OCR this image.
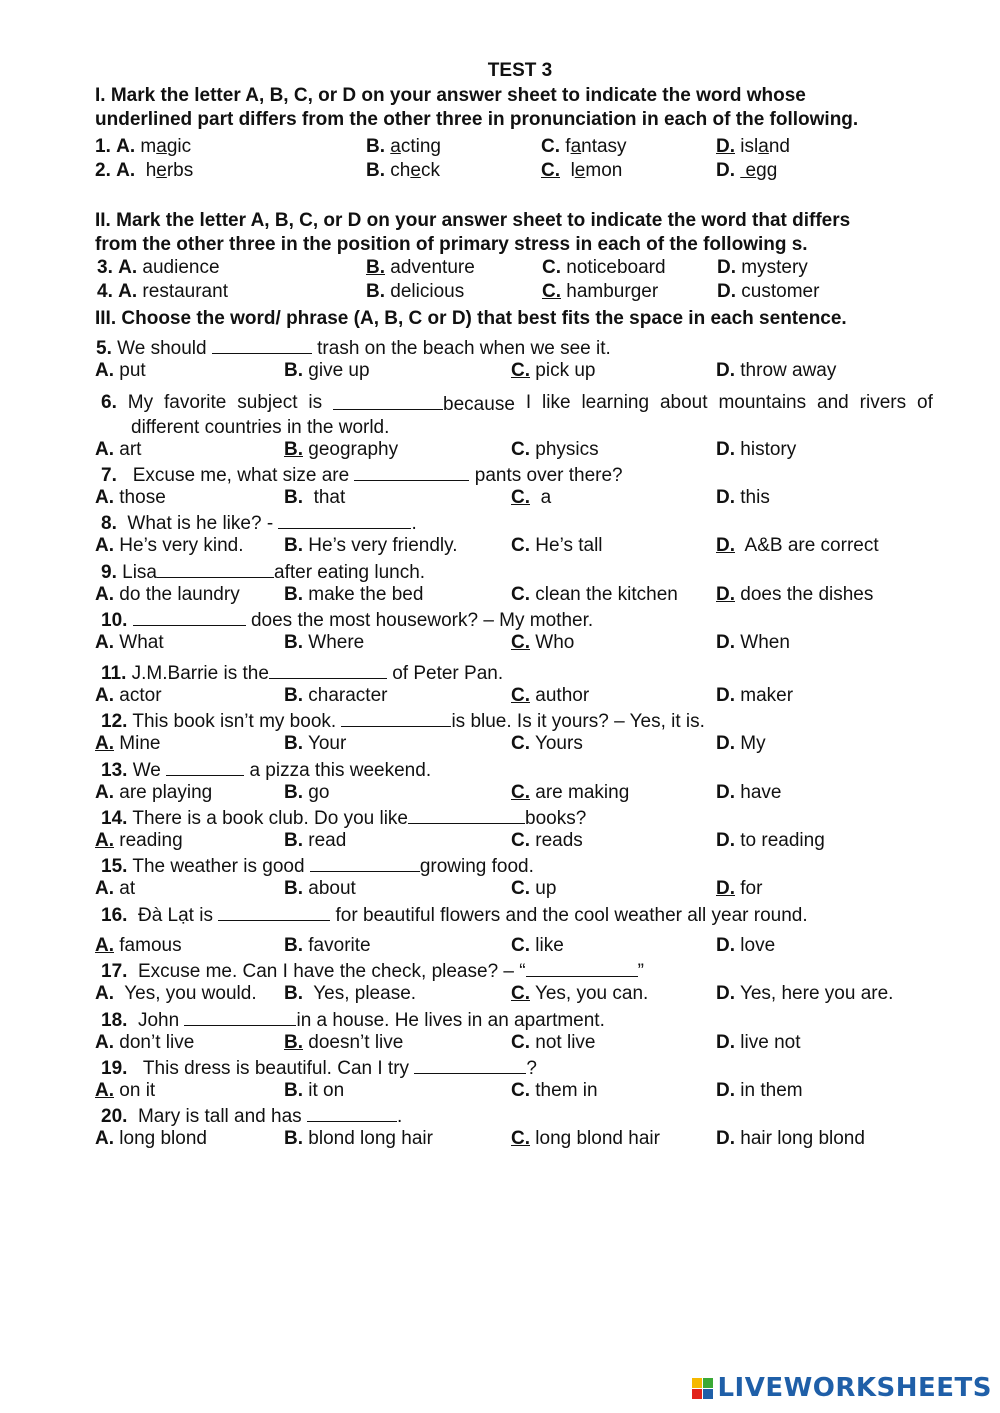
TEST 3
I. Mark the letter A, B, C, or D on your answer sheet to indicate the word whose
underlined part differs from the other three in pronunciation in each of the following.
1. A. magic	B. acting	C. fantasy	D. island
2. A. herbs	B. check	C. lemon	D.  egg
II. Mark the letter A, B, C, or D on your answer sheet to indicate the word that differs
from the other three in the position of primary stress in each of the following s.
3. A. audience	B. adventure	C. noticeboard	D. mystery
4. A. restaurant	B. delicious	C. hamburger	D. customer
III. Choose the word/ phrase (A, B, C or D) that best fits the space in each sentence.
5. We should	trash on the beach when we see it.
A. put	B. give up	C. pick up	D. throw away
6. My favorite subject is	because I like learning about mountains and rivers of
different countries in the world.
A. art	B. geography	C. physics	D. history
7. Excuse me, what size are	pants over there?
A. those	B. that	C. a	D. this
8. What is he like? -	.
A. He’s very kind. B. He’s very friendly.	C. He’s tall	D. A&B are correct
9. Lisa	after eating lunch.
A. do the laundry B. make the bed	C. clean the kitchen D. does the dishes
10.	does the most housework? – My mother.
A. What	B. Where	C. Who	D. When
11. J.M.Barrie is the	of Peter Pan.
A. actor	B. character	C. author	D. maker
12. This book isn’t my book.	is blue. Is it yours? – Yes, it is.
A. Mine	B. Your	C. Yours	D. My
13. We	a pizza this weekend.
A. are playing	B. go	C. are making	D. have
14. There is a book club. Do you like	books?
A. reading	B. read	C. reads	D. to reading
15. The weather is good	growing food.
A. at	B. about	C. up	D. for
16. Đà Lạt is	for beautiful flowers and the cool weather all year round.
A. famous	B. favorite	C. like	D. love
17. Excuse me. Can I have the check, please? – “	”
A. Yes, you would. B. Yes, please.	C. Yes, you can.	D. Yes, here you are.
18. John	in a house. He lives in an apartment.
A. don’t live	B. doesn’t live	C. not live	D. live not
19. This dress is beautiful. Can I try	?
A. on it	B. it on	C. them in	D. in them
20. Mary is tall and has	.
A. long blond	B. blond long hair	C. long blond hair	D. hair long blond
LIVEWORKSHEETS
